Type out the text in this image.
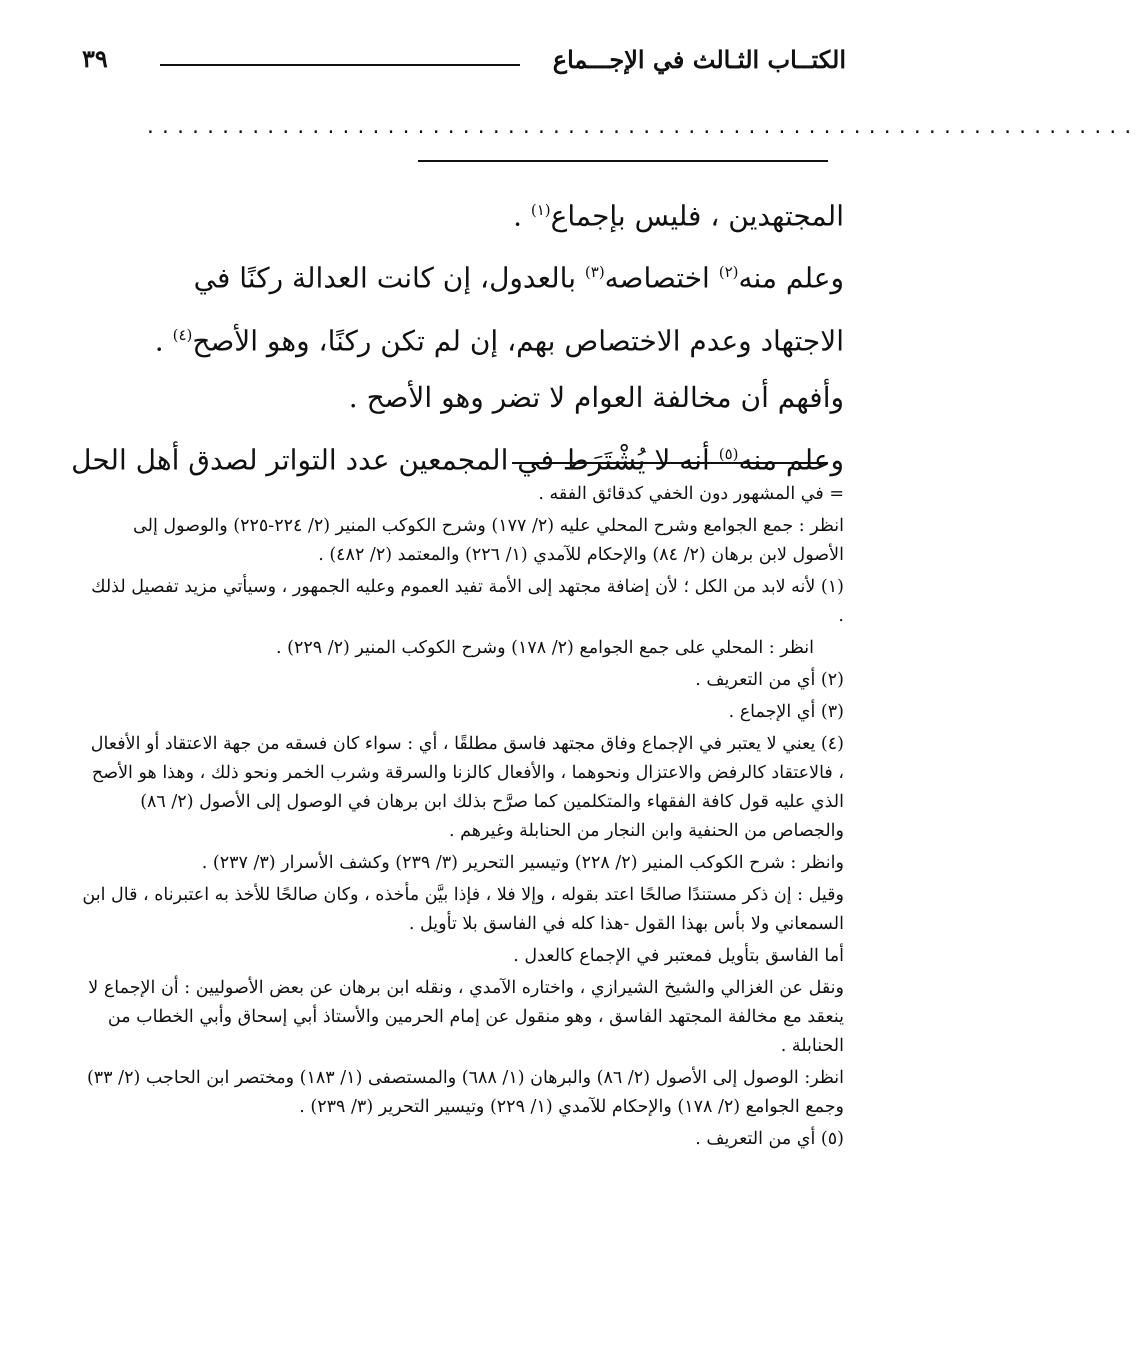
الكتــاب الثـالث في الإجـــماع
٣٩
..................................................................

المجتهدين ، فليس بإجماع$^{(١)}$ .

وعلم منه$^{(٢)}$ اختصاصه$^{(٣)}$ بالعدول، إن كانت العدالة ركنًا في

الاجتهاد وعدم الاختصاص بهم، إن لم تكن ركنًا، وهو الأصح$^{(٤)}$ .

وأفهم أن مخالفة العوام لا تضر وهو الأصح .

وعلم منه$^{(٥)}$ أنه لا يُشْتَرَط في المجمعين عدد التواتر لصدق أهل الحل

= في المشهور دون الخفي كدقائق الفقه .

انظر : جمع الجوامع وشرح المحلي عليه (٢/ ١٧٧) وشرح الكوكب المنير (٢/ ٢٢٤-٢٢٥) والوصول إلى الأصول لابن برهان (٢/ ٨٤) والإحكام للآمدي (١/ ٢٢٦) والمعتمد (٢/ ٤٨٢) .

(١) لأنه لابد من الكل ؛ لأن إضافة مجتهد إلى الأمة تفيد العموم وعليه الجمهور ، وسيأتي مزيد تفصيل لذلك .

انظر : المحلي على جمع الجوامع (٢/ ١٧٨) وشرح الكوكب المنير (٢/ ٢٢٩) .

(٢) أي من التعريف .

(٣) أي الإجماع .

(٤) يعني لا يعتبر في الإجماع وفاق مجتهد فاسق مطلقًا ، أي : سواء كان فسقه من جهة الاعتقاد أو الأفعال ، فالاعتقاد كالرفض والاعتزال ونحوهما ، والأفعال كالزنا والسرقة وشرب الخمر ونحو ذلك ، وهذا هو الأصح الذي عليه قول كافة الفقهاء والمتكلمين كما صرَّح بذلك ابن برهان في الوصول إلى الأصول (٢/ ٨٦) والجصاص من الحنفية وابن النجار من الحنابلة وغيرهم .

وانظر : شرح الكوكب المنير (٢/ ٢٢٨) وتيسير التحرير (٣/ ٢٣٩) وكشف الأسرار (٣/ ٢٣٧) .

وقيل : إن ذكر مستندًا صالحًا اعتد بقوله ، وإلا فلا ، فإذا بيَّن مأخذه ، وكان صالحًا للأخذ به اعتبرناه ، قال ابن السمعاني ولا بأس بهذا القول -هذا كله في الفاسق بلا تأويل .

أما الفاسق بتأويل فمعتبر في الإجماع كالعدل .

ونقل عن الغزالي والشيخ الشيرازي ، واختاره الآمدي ، ونقله ابن برهان عن بعض الأصوليين : أن الإجماع لا ينعقد مع مخالفة المجتهد الفاسق ، وهو منقول عن إمام الحرمين والأستاذ أبي إسحاق وأبي الخطاب من الحنابلة .

انظر: الوصول إلى الأصول (٢/ ٨٦) والبرهان (١/ ٦٨٨) والمستصفى (١/ ١٨٣) ومختصر ابن الحاجب (٢/ ٣٣) وجمع الجوامع (٢/ ١٧٨) والإحكام للآمدي (١/ ٢٢٩) وتيسير التحرير (٣/ ٢٣٩) .

(٥) أي من التعريف .
